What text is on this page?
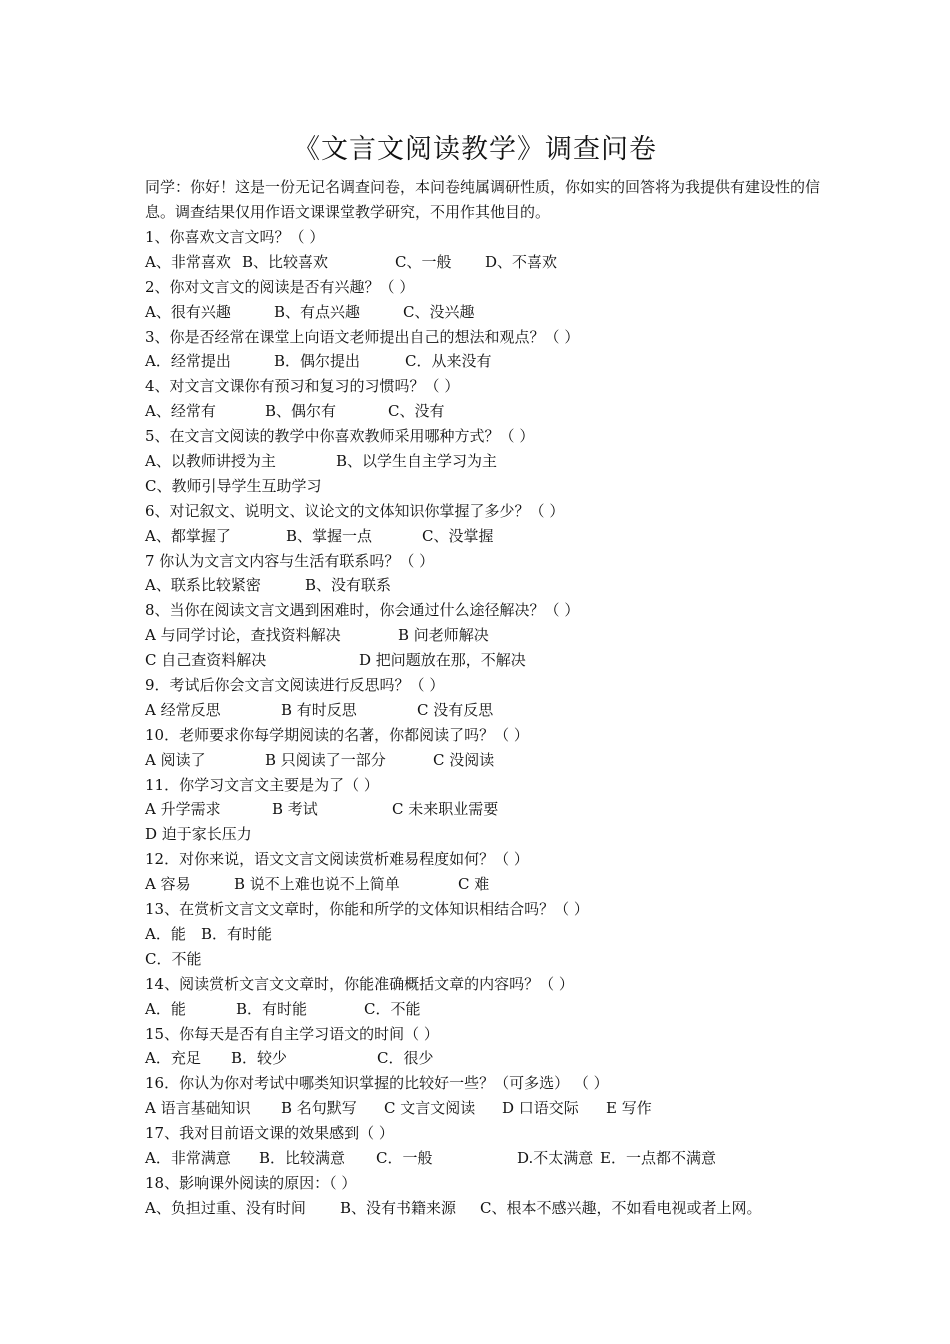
《文言文阅读教学》调查问卷
同学：你好！这是一份无记名调查问卷，本问卷纯属调研性质，你如实的回答将为我提供有建设性的信息。调查结果仅用作语文课课堂教学研究，不用作其他目的。
1、你喜欢文言文吗？（ ）
A、非常喜欢 B、比较喜欢	C、一般 D、不喜欢
2、你对文言文的阅读是否有兴趣？（ ）
A、很有兴趣	B、有点兴趣	C、没兴趣
3、你是否经常在课堂上向语文老师提出自己的想法和观点？（ ）
A．经常提出	B．偶尔提出	C．从来没有
4、对文言文课你有预习和复习的习惯吗？（ ）
A、经常有	B、偶尔有	C、没有
5、在文言文阅读的教学中你喜欢教师采用哪种方式？（ ）
A、以教师讲授为主	B、以学生自主学习为主
C、教师引导学生互助学习
6、对记叙文、说明文、议论文的文体知识你掌握了多少？（ ）
A、都掌握了	B、掌握一点	C、没掌握
7 你认为文言文内容与生活有联系吗？（ ）
A、联系比较紧密	B、没有联系
8、当你在阅读文言文遇到困难时，你会通过什么途径解决？（ ）
A 与同学讨论，查找资料解决	B 问老师解决
C 自己查资料解决	D 把问题放在那，不解决
9．考试后你会文言文阅读进行反思吗？（ ）
A 经常反思	B 有时反思	C 没有反思
10．老师要求你每学期阅读的名著，你都阅读了吗？（ ）
A 阅读了	B 只阅读了一部分	C 没阅读
11．你学习文言文主要是为了（ ）
A 升学需求	B 考试	C 未来职业需要
D 迫于家长压力
12．对你来说，语文文言文阅读赏析难易程度如何？（ ）
A 容易	B 说不上难也说不上简单	C 难
13、在赏析文言文文章时，你能和所学的文体知识相结合吗？（ ）
A．能 B．有时能
C．不能
14、阅读赏析文言文文章时，你能准确概括文章的内容吗？（ ）
A．能	B．有时能	C．不能
15、你每天是否有自主学习语文的时间（ ）
A．充足 B．较少	C．很少
16．你认为你对考试中哪类知识掌握的比较好一些？（可多选） （ ）
A 语言基础知识 B 名句默写 C 文言文阅读 D 口语交际 E 写作
17、我对目前语文课的效果感到（ ）
A．非常满意 B．比较满意 C．一般	D.不太满意 E．一点都不满意
18、影响课外阅读的原因：（ ）
A、负担过重、没有时间 B、没有书籍来源 C、根本不感兴趣，不如看电视或者上网。
